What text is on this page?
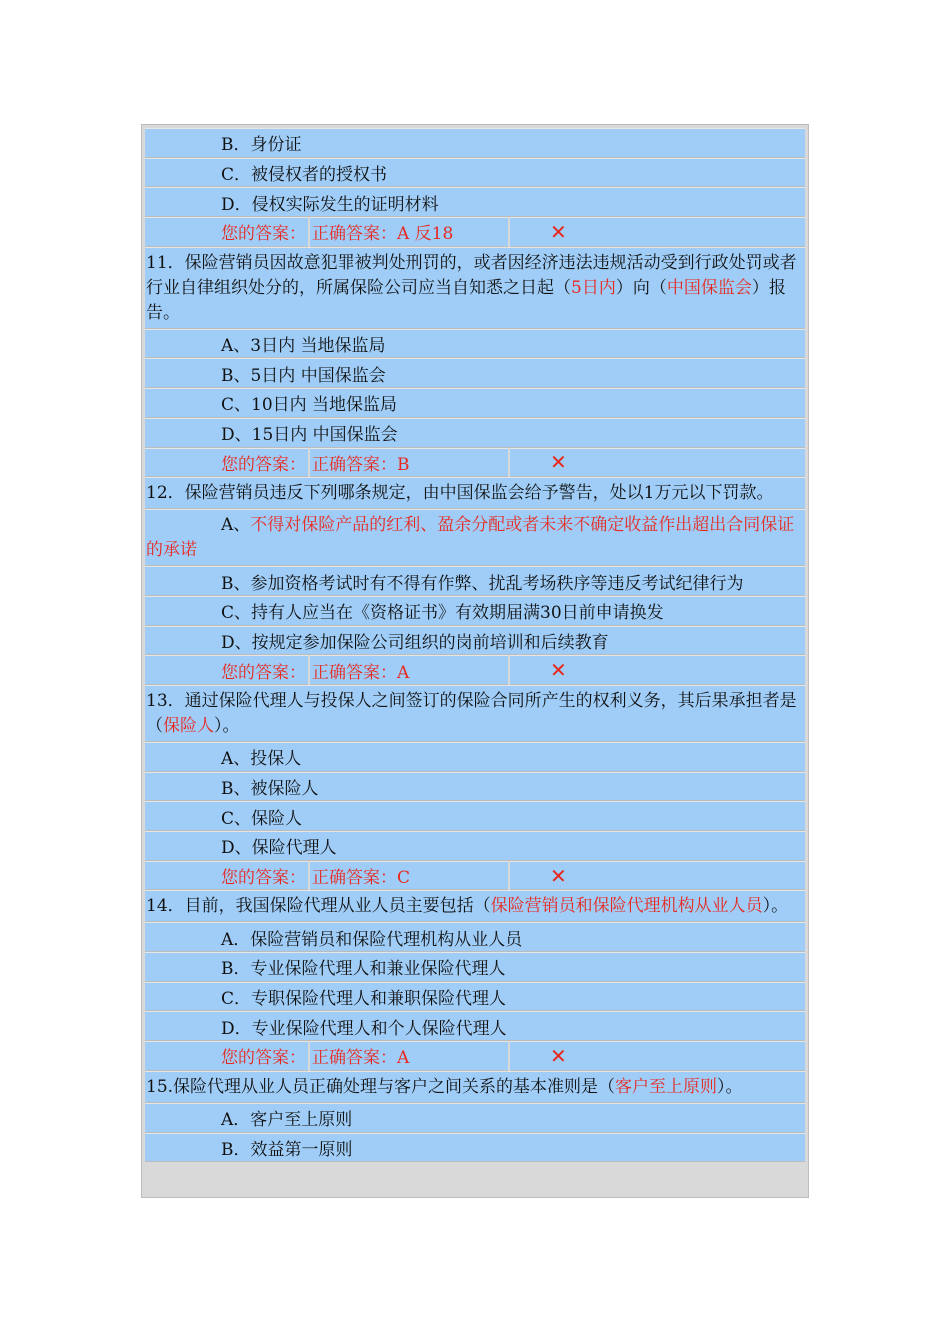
B．身份证
C．被侵权者的授权书
D．侵权实际发生的证明材料
您的答案： 正确答案：A 反18	✕
11．保险营销员因故意犯罪被判处刑罚的，或者因经济违法违规活动受到行政处罚或者行业自律组织处分的，所属保险公司应当自知悉之日起（5日内）向（中国保监会）报告。
A、3日内 当地保监局
B、5日内 中国保监会
C、10日内 当地保监局
D、15日内 中国保监会
您的答案： 正确答案：B	✕
12．保险营销员违反下列哪条规定，由中国保监会给予警告，处以1万元以下罚款。
A、不得对保险产品的红利、盈余分配或者未来不确定收益作出超出合同保证的承诺
B、参加资格考试时有不得有作弊、扰乱考场秩序等违反考试纪律行为
C、持有人应当在《资格证书》有效期届满30日前申请换发
D、按规定参加保险公司组织的岗前培训和后续教育
您的答案： 正确答案：A	✕
13．通过保险代理人与投保人之间签订的保险合同所产生的权利义务，其后果承担者是（保险人）。
A、投保人
B、被保险人
C、保险人
D、保险代理人
您的答案： 正确答案：C	✕
14．目前，我国保险代理从业人员主要包括（保险营销员和保险代理机构从业人员）。
A．保险营销员和保险代理机构从业人员
B．专业保险代理人和兼业保险代理人
C．专职保险代理人和兼职保险代理人
D．专业保险代理人和个人保险代理人
您的答案： 正确答案：A	✕
15.保险代理从业人员正确处理与客户之间关系的基本准则是（客户至上原则）。
A．客户至上原则
B．效益第一原则
